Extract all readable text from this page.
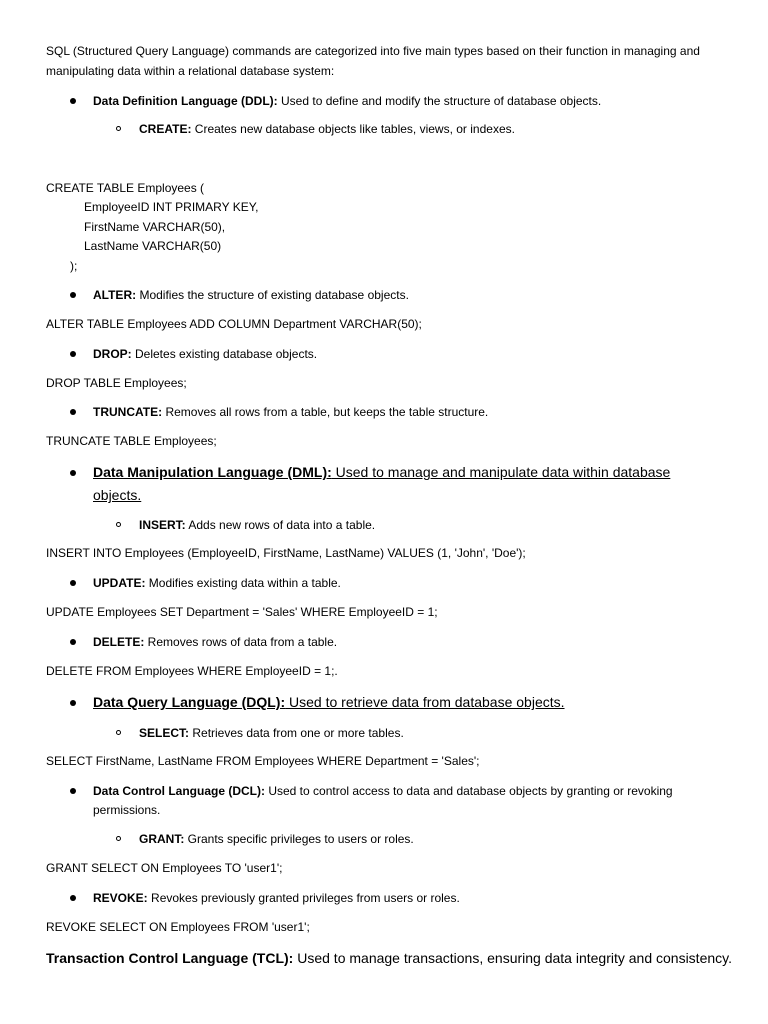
SQL (Structured Query Language) commands are categorized into five main types based on their function in managing and
manipulating data within a relational database system:
Data Definition Language (DDL): Used to define and modify the structure of database objects.
CREATE: Creates new database objects like tables, views, or indexes.
CREATE TABLE Employees (
EmployeeID INT PRIMARY KEY,
FirstName VARCHAR(50),
LastName VARCHAR(50)
);
ALTER: Modifies the structure of existing database objects.
ALTER TABLE Employees ADD COLUMN Department VARCHAR(50);
DROP: Deletes existing database objects.
DROP TABLE Employees;
TRUNCATE: Removes all rows from a table, but keeps the table structure.
TRUNCATE TABLE Employees;
Data Manipulation Language (DML): Used to manage and manipulate data within database
objects.
INSERT: Adds new rows of data into a table.
INSERT INTO Employees (EmployeeID, FirstName, LastName) VALUES (1, 'John', 'Doe');
UPDATE: Modifies existing data within a table.
UPDATE Employees SET Department = 'Sales' WHERE EmployeeID = 1;
DELETE: Removes rows of data from a table.
DELETE FROM Employees WHERE EmployeeID = 1;.
Data Query Language (DQL): Used to retrieve data from database objects.
SELECT: Retrieves data from one or more tables.
SELECT FirstName, LastName FROM Employees WHERE Department = 'Sales';
Data Control Language (DCL): Used to control access to data and database objects by granting or revoking
permissions.
GRANT: Grants specific privileges to users or roles.
GRANT SELECT ON Employees TO 'user1';
REVOKE: Revokes previously granted privileges from users or roles.
REVOKE SELECT ON Employees FROM 'user1';
Transaction Control Language (TCL): Used to manage transactions, ensuring data integrity and consistency.
